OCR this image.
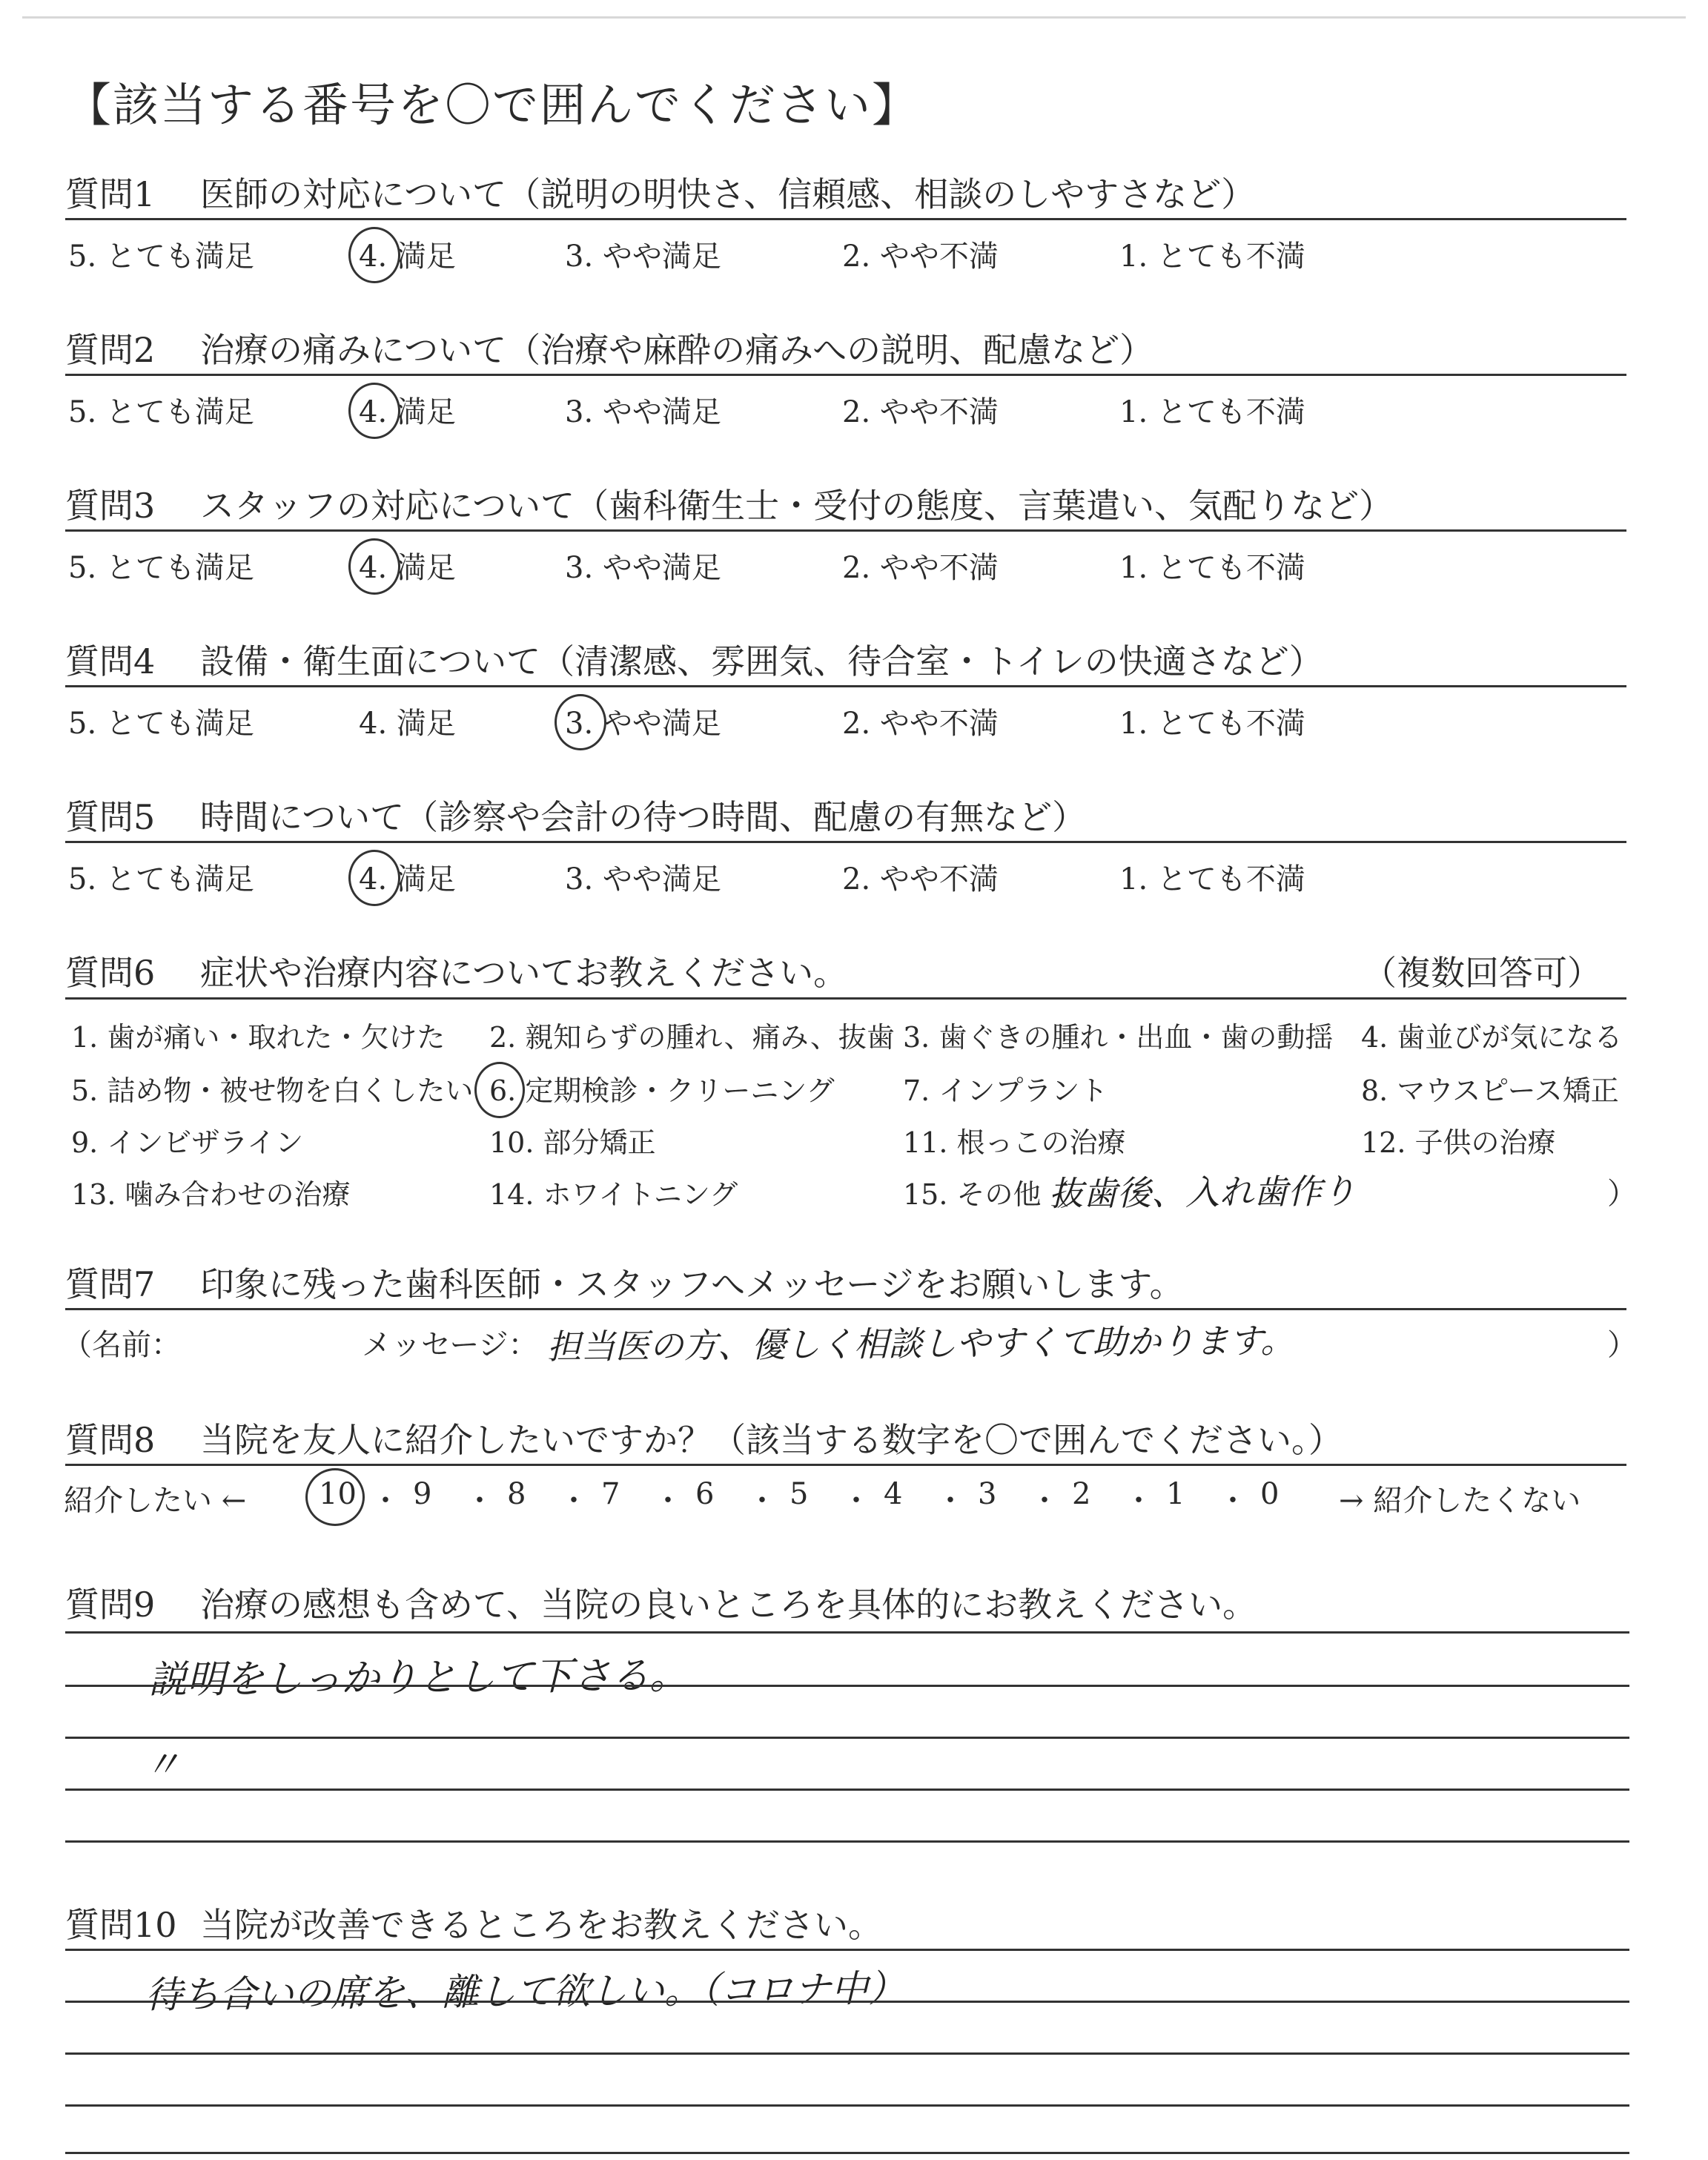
【該当する番号を〇で囲んでください】
質問1 医師の対応について（説明の明快さ、信頼感、相談のしやすさなど）
5. とても満足	4. 満足	3. やや満足	2. やや不満	1. とても不満
質問2 治療の痛みについて（治療や麻酔の痛みへの説明、配慮など）
5. とても満足	4. 満足	3. やや満足	2. やや不満	1. とても不満
質問3 スタッフの対応について（歯科衛生士・受付の態度、言葉遣い、気配りなど）
5. とても満足	4. 満足	3. やや満足	2. やや不満	1. とても不満
質問4 設備・衛生面について（清潔感、雰囲気、待合室・トイレの快適さなど）
5. とても満足	4. 満足	3. やや満足	2. やや不満	1. とても不満
質問5 時間について（診察や会計の待つ時間、配慮の有無など）
5. とても満足	4. 満足	3. やや満足	2. やや不満	1. とても不満
質問6 症状や治療内容についてお教えください。	（複数回答可）
1. 歯が痛い・取れた・欠けた 2. 親知らずの腫れ、痛み、抜歯 3. 歯ぐきの腫れ・出血・歯の動揺 4. 歯並びが気になる
5. 詰め物・被せ物を白くしたい 6. 定期検診・クリーニング 7. インプラント	8. マウスピース矯正
9. インビザライン	10. 部分矯正	11. 根っこの治療	12. 子供の治療
13. 噛み合わせの治療	14. ホワイトニング	15. その他（
抜歯後、入れ歯作り	）
質問7 印象に残った歯科医師・スタッフへメッセージをお願いします。
（名前：	メッセージ： 担当医の方、優しく相談しやすくて助かります。	）
質問8 当院を友人に紹介したいですか？（該当する数字を〇で囲んでください。）
紹介したい ← 10 ・ 9 ・ 8 ・ 7 ・ 6 ・ 5 ・ 4 ・ 3 ・ 2 ・ 1 ・ 0 → 紹介したくない
質問9 治療の感想も含めて、当院の良いところを具体的にお教えください。
説明をしっかりとして下さる。
〃
質問10 当院が改善できるところをお教えください。
待ち合いの席を、離して欲しい。（コロナ中）
